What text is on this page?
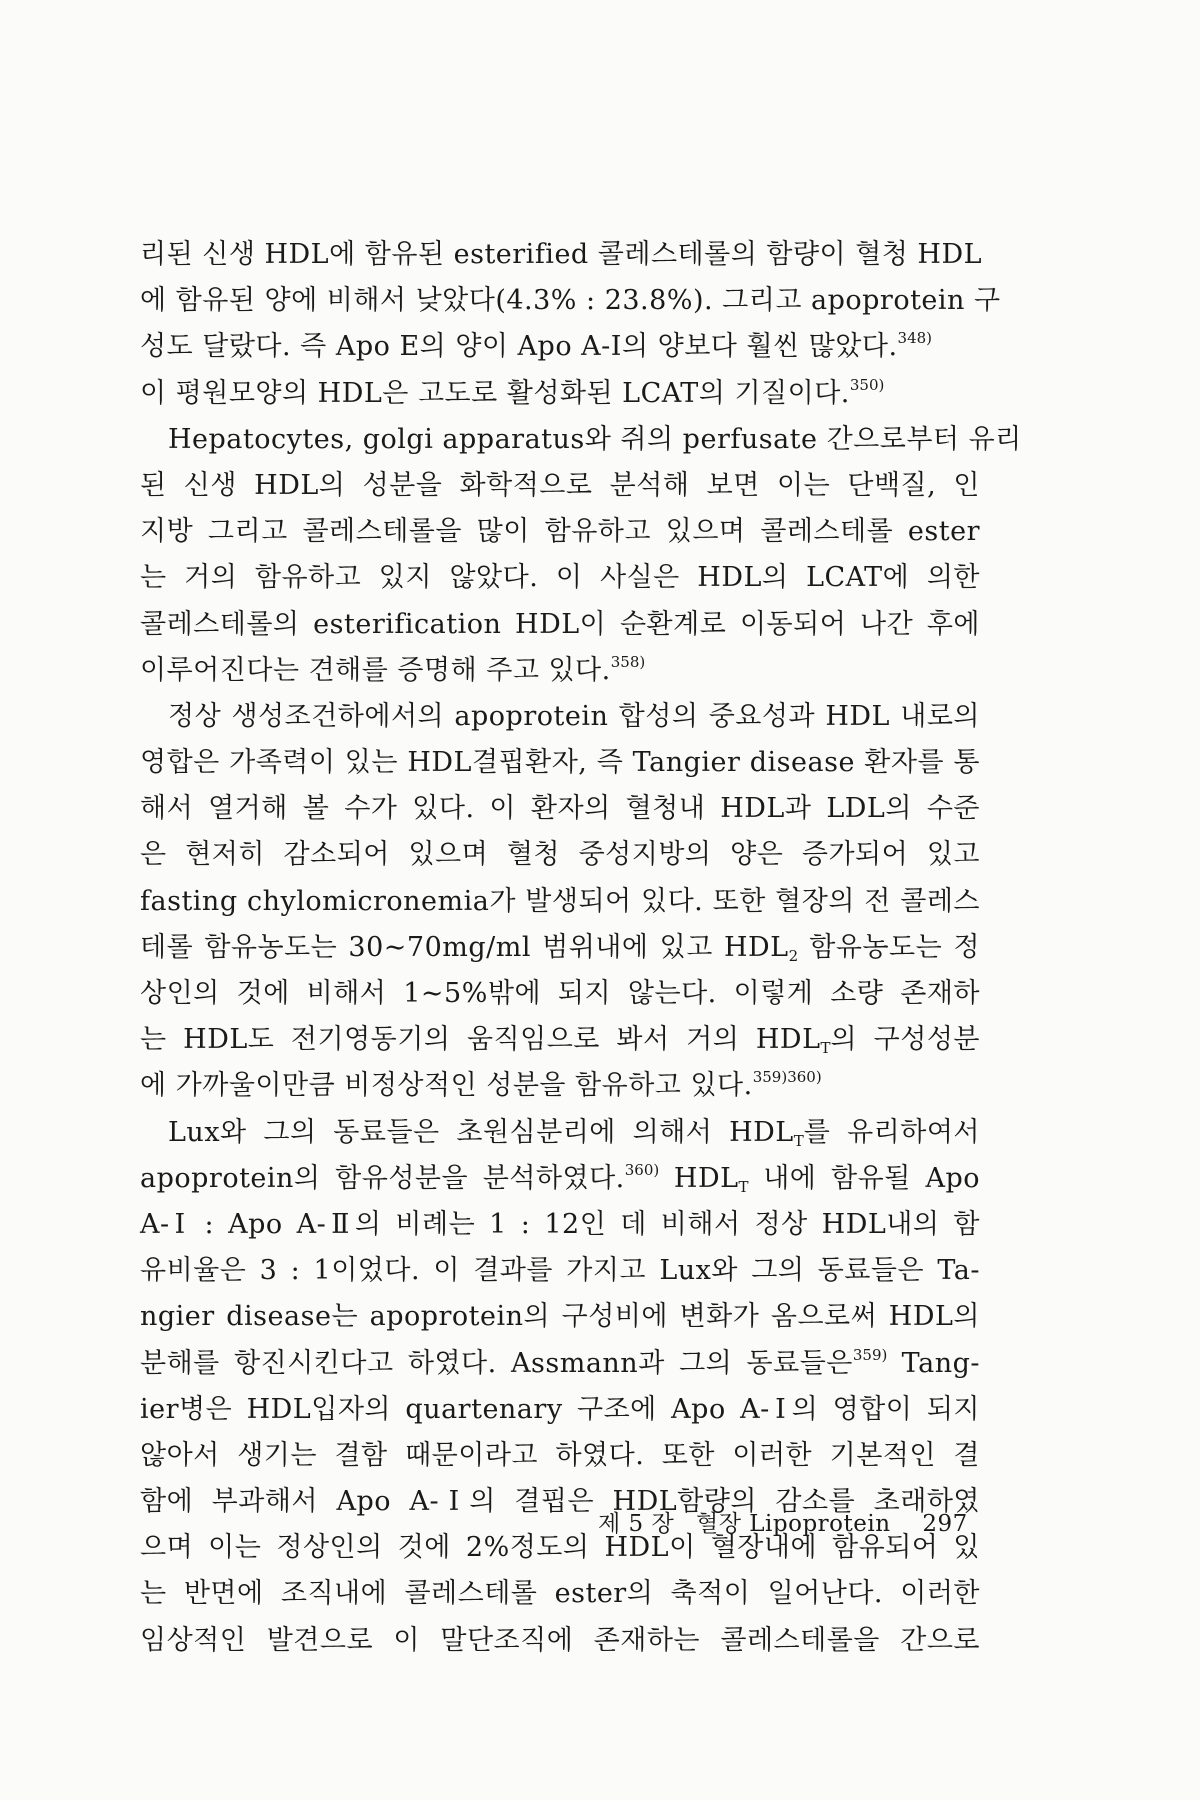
리된 신생 HDL에 함유된 esterified 콜레스테롤의 함량이 혈청 HDL
에 함유된 양에 비해서 낮았다(4.3% : 23.8%). 그리고 apoprotein 구
성도 달랐다. 즉 Apo E의 양이 Apo A-Ⅰ의 양보다 훨씬 많았다.$^{348)}$
이 평원모양의 HDL은 고도로 활성화된 LCAT의 기질이다.$^{350)}$
Hepatocytes, golgi apparatus와 쥐의 perfusate 간으로부터 유리
된 신생 HDL의 성분을 화학적으로 분석해 보면 이는 단백질, 인
지방 그리고 콜레스테롤을 많이 함유하고 있으며 콜레스테롤 ester
는 거의 함유하고 있지 않았다. 이 사실은 HDL의 LCAT에 의한
콜레스테롤의 esterification HDL이 순환계로 이동되어 나간 후에
이루어진다는 견해를 증명해 주고 있다.$^{358)}$
정상 생성조건하에서의 apoprotein 합성의 중요성과 HDL 내로의
영합은 가족력이 있는 HDL결핍환자, 즉 Tangier disease 환자를 통
해서 열거해 볼 수가 있다. 이 환자의 혈청내 HDL과 LDL의 수준
은 현저히 감소되어 있으며 혈청 중성지방의 양은 증가되어 있고
fasting chylomicronemia가 발생되어 있다. 또한 혈장의 전 콜레스
테롤 함유농도는 30∼70mg/ml 범위내에 있고 $HDL_2$ 함유농도는 정
상인의 것에 비해서 1∼5%밖에 되지 않는다. 이렇게 소량 존재하
는 HDL도 전기영동기의 움직임으로 봐서 거의 $HDL_T$의 구성성분
에 가까울이만큼 비정상적인 성분을 함유하고 있다.$^{359)360)}$
Lux와 그의 동료들은 초원심분리에 의해서 $HDL_T$를 유리하여서
apoprotein의 함유성분을 분석하였다.$^{360)}$ $HDL_T$ 내에 함유될 Apo
A-Ⅰ : Apo A-Ⅱ의 비례는 1 : 12인 데 비해서 정상 HDL내의 함
유비율은 3 : 1이었다. 이 결과를 가지고 Lux와 그의 동료들은 Ta-
ngier disease는 apoprotein의 구성비에 변화가 옴으로써 HDL의
분해를 항진시킨다고 하였다. Assmann과 그의 동료들은$^{359)}$ Tang-
ier병은 HDL입자의 quartenary 구조에 Apo A-Ⅰ의 영합이 되지
않아서 생기는 결함 때문이라고 하였다. 또한 이러한 기본적인 결
함에 부과해서 Apo A-Ⅰ의 결핍은 HDL함량의 감소를 초래하였
으며 이는 정상인의 것에 2%정도의 HDL이 혈장내에 함유되어 있
는 반면에 조직내에 콜레스테롤 ester의 축적이 일어난다. 이러한
임상적인 발견으로 이 말단조직에 존재하는 콜레스테롤을 간으로
제 5 장 혈장 Lipoprotein 297
